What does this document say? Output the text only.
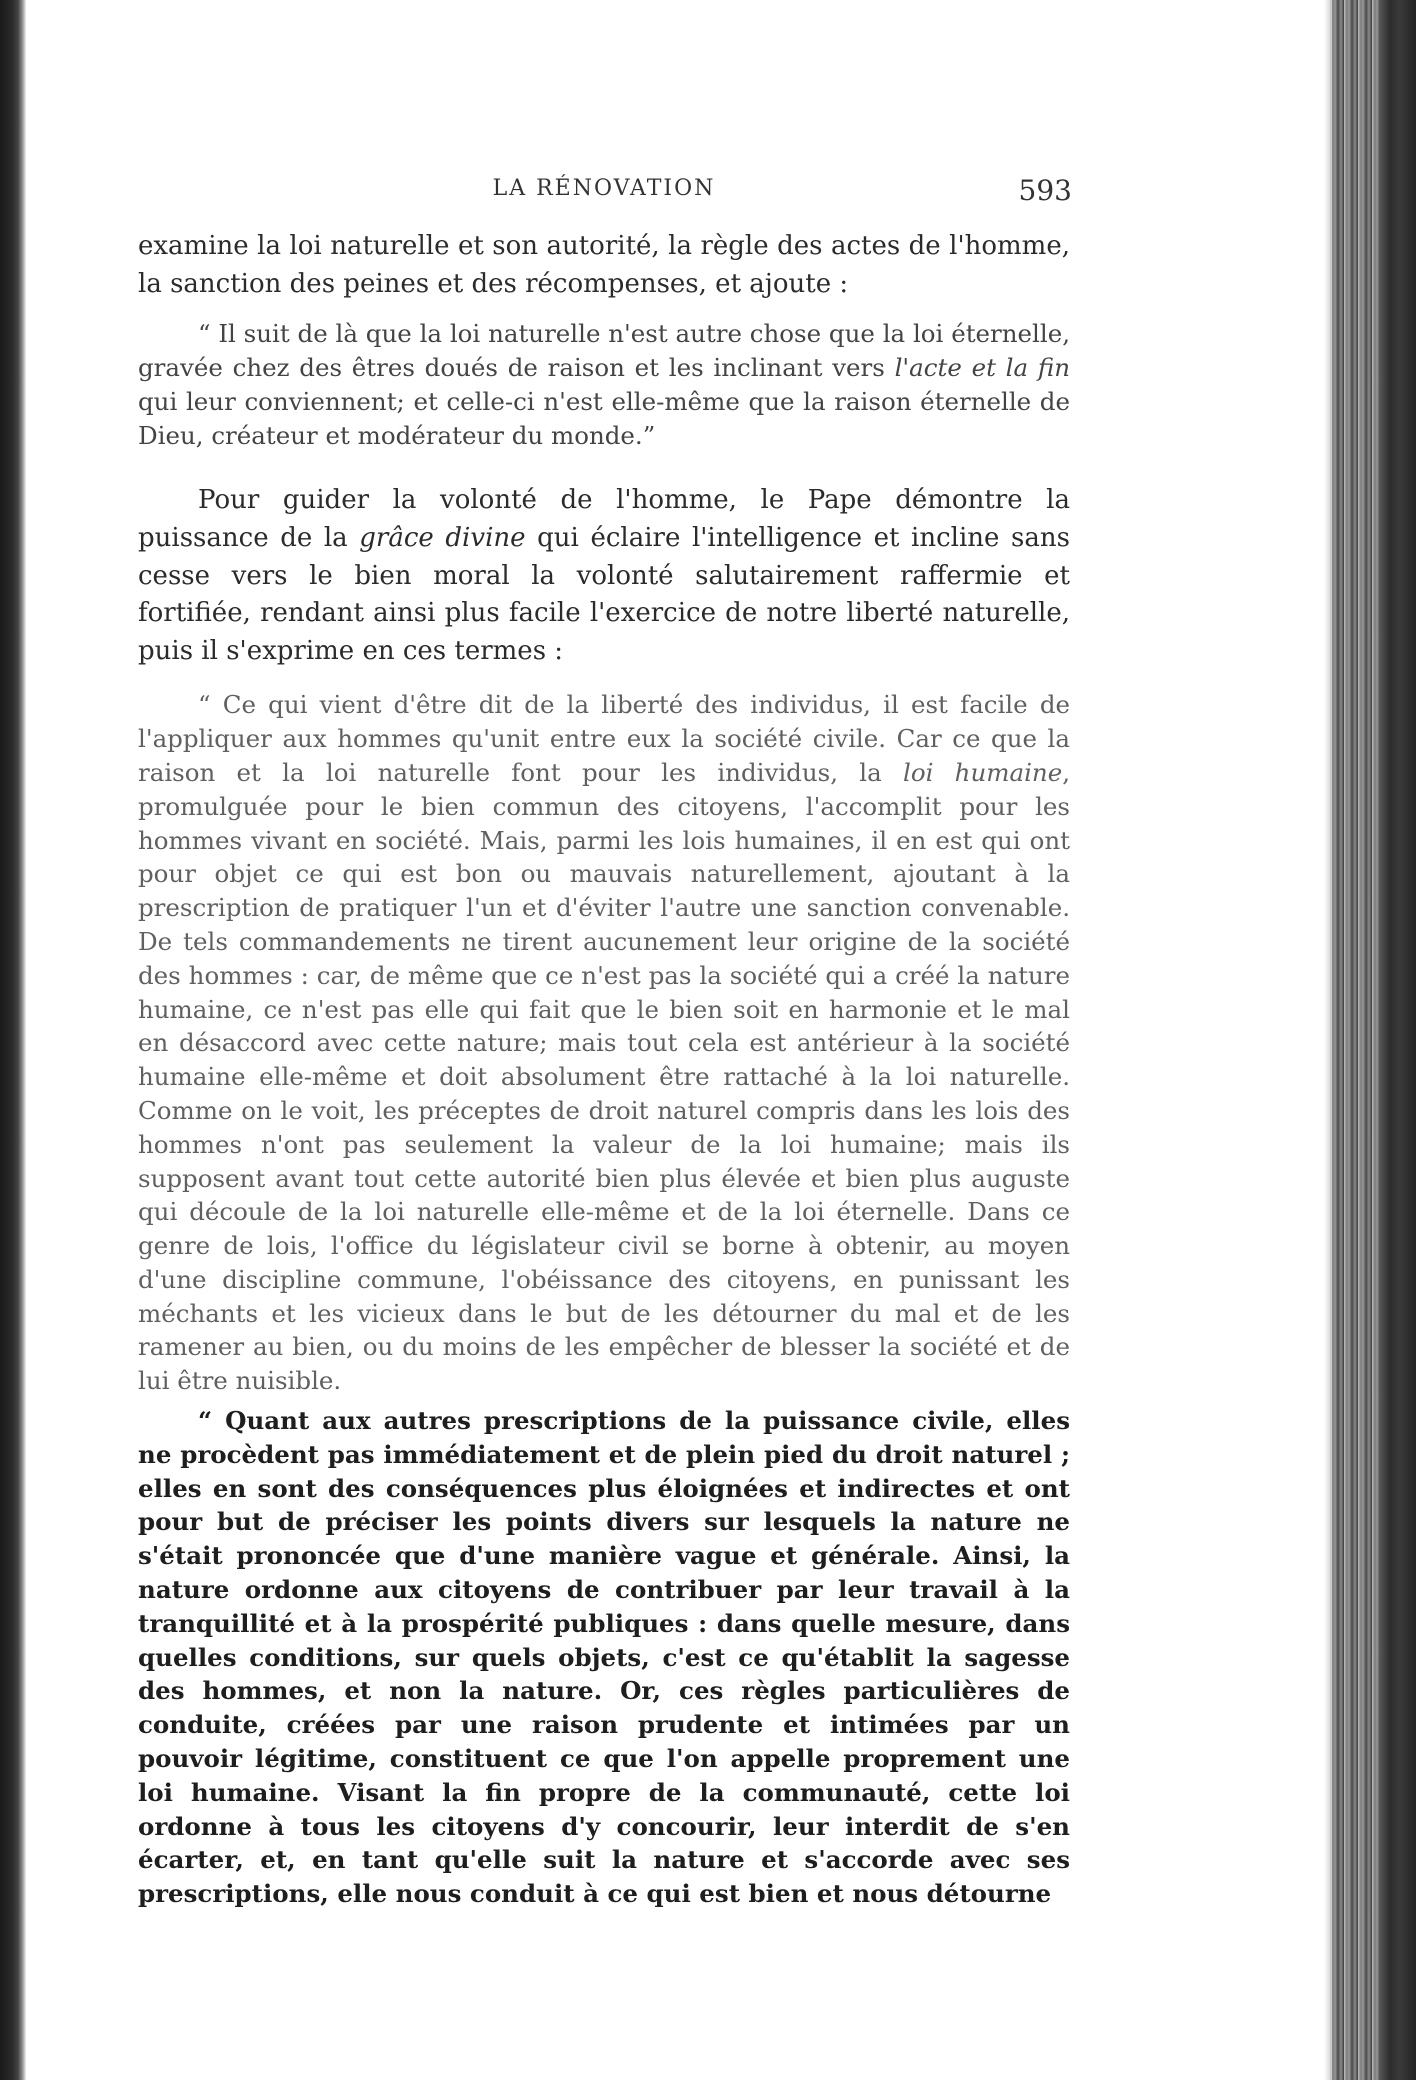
LA RÉNOVATION	593

examine la loi naturelle et son autorité, la règle des actes de l'homme, la sanction des peines et des récompenses, et ajoute :

“ Il suit de là que la loi naturelle n'est autre chose que la loi éternelle, gravée chez des êtres doués de raison et les inclinant vers l'acte et la fin qui leur conviennent; et celle-ci n'est elle-même que la raison éternelle de Dieu, créateur et modérateur du monde.”

Pour guider la volonté de l'homme, le Pape démontre la puissance de la grâce divine qui éclaire l'intelligence et incline sans cesse vers le bien moral la volonté salutairement raffermie et fortifiée, rendant ainsi plus facile l'exercice de notre liberté naturelle, puis il s'exprime en ces termes :

“ Ce qui vient d'être dit de la liberté des individus, il est facile de l'appliquer aux hommes qu'unit entre eux la société civile. Car ce que la raison et la loi naturelle font pour les individus, la loi humaine, promulguée pour le bien commun des citoyens, l'accomplit pour les hommes vivant en société. Mais, parmi les lois humaines, il en est qui ont pour objet ce qui est bon ou mauvais naturellement, ajoutant à la prescription de pratiquer l'un et d'éviter l'autre une sanction convenable. De tels commandements ne tirent aucunement leur origine de la société des hommes : car, de même que ce n'est pas la société qui a créé la nature humaine, ce n'est pas elle qui fait que le bien soit en harmonie et le mal en désaccord avec cette nature; mais tout cela est antérieur à la société humaine elle-même et doit absolument être rattaché à la loi naturelle. Comme on le voit, les préceptes de droit naturel compris dans les lois des hommes n'ont pas seulement la valeur de la loi humaine; mais ils supposent avant tout cette autorité bien plus élevée et bien plus auguste qui découle de la loi naturelle elle-même et de la loi éternelle. Dans ce genre de lois, l'office du législateur civil se borne à obtenir, au moyen d'une discipline commune, l'obéissance des citoyens, en punissant les méchants et les vicieux dans le but de les détourner du mal et de les ramener au bien, ou du moins de les empêcher de blesser la société et de lui être nuisible.

“ Quant aux autres prescriptions de la puissance civile, elles ne procèdent pas immédiatement et de plein pied du droit naturel ; elles en sont des conséquences plus éloignées et indirectes et ont pour but de préciser les points divers sur lesquels la nature ne s'était prononcée que d'une manière vague et générale. Ainsi, la nature ordonne aux citoyens de contribuer par leur travail à la tranquillité et à la prospérité publiques : dans quelle mesure, dans quelles conditions, sur quels objets, c'est ce qu'établit la sagesse des hommes, et non la nature. Or, ces règles particulières de conduite, créées par une raison prudente et intimées par un pouvoir légitime, constituent ce que l'on appelle proprement une loi humaine. Visant la fin propre de la communauté, cette loi ordonne à tous les citoyens d'y concourir, leur interdit de s'en écarter, et, en tant qu'elle suit la nature et s'accorde avec ses prescriptions, elle nous conduit à ce qui est bien et nous détourne
